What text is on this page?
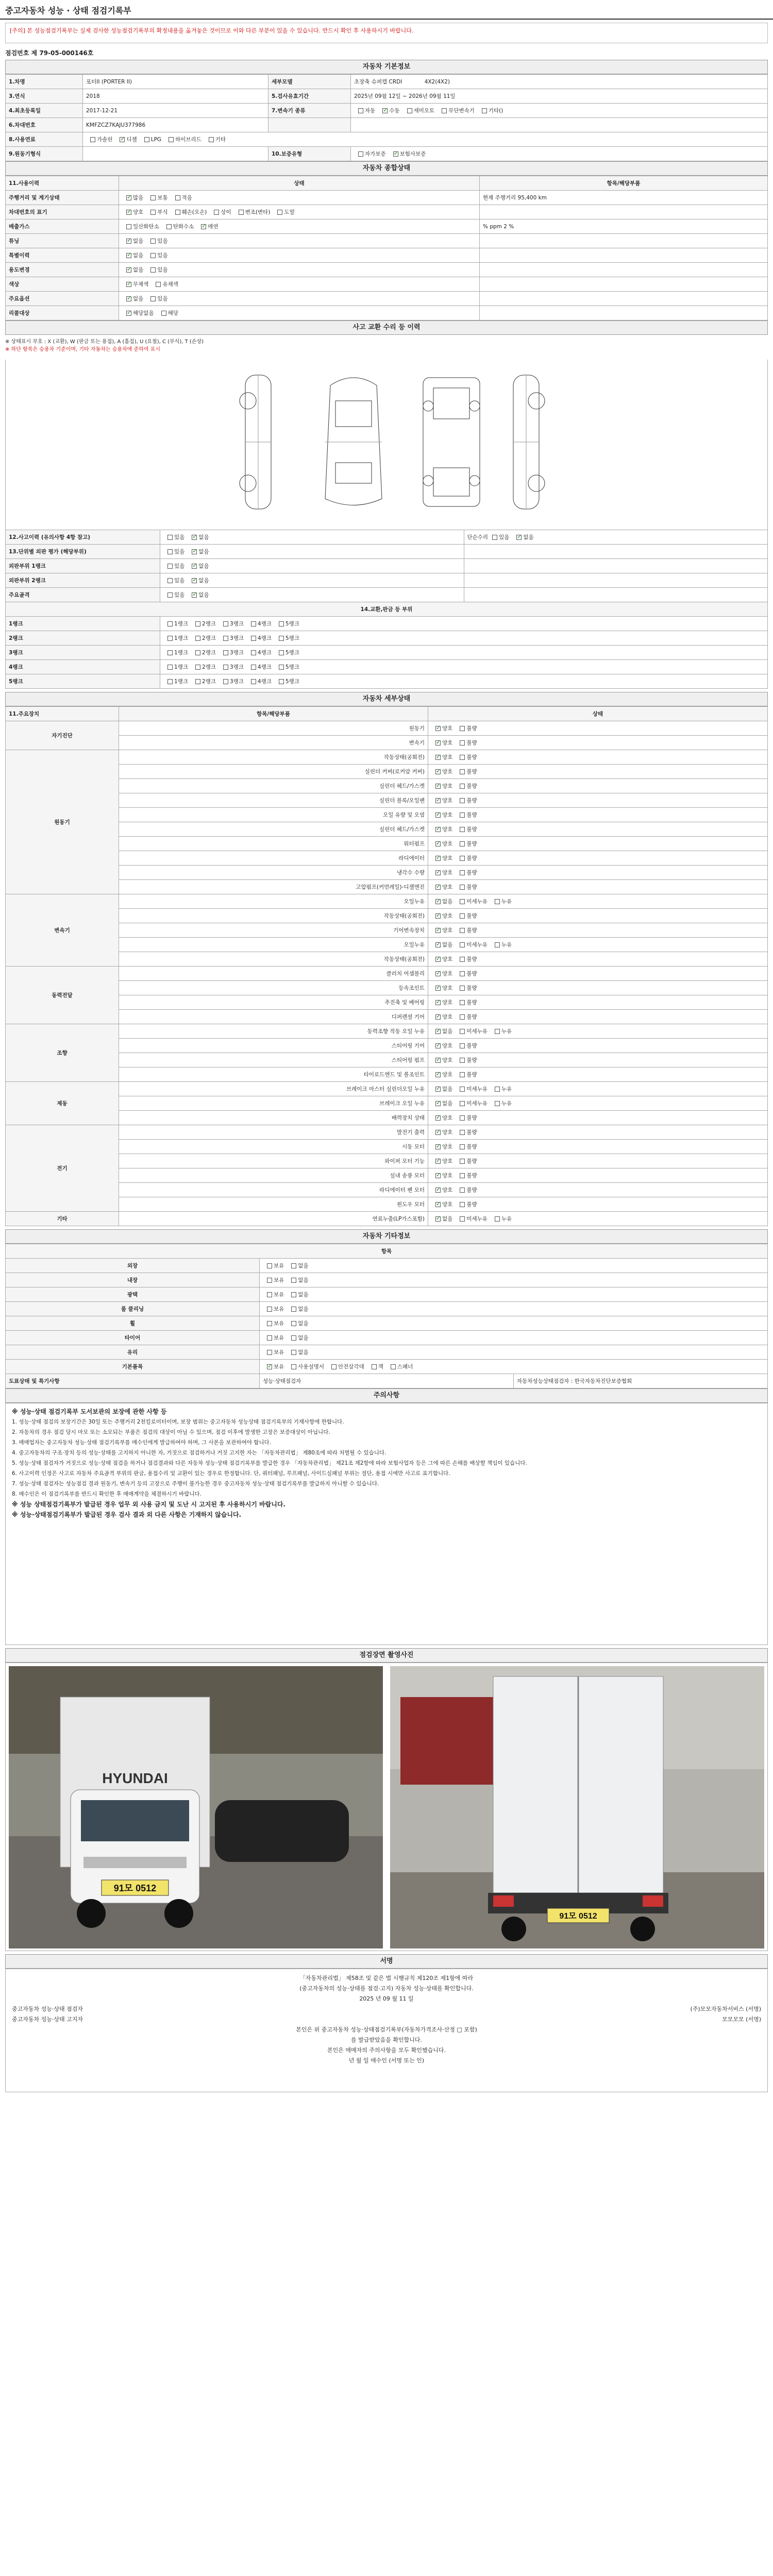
중고자동차 성능 · 상태 점검기록부
[주의] 본 성능점검기록부는 실제 검사한 성능점검기록부의 확정내용을 옮겨놓은 것이므로 이와 다른 부분이 있을 수 있습니다. 반드시 확인 후 사용하시기 바랍니다.
점검번호 제 79-05-000146호
자동차 기본정보
1.차명	포터II (PORTER II)	세부모델	초장축 슈퍼캡 CRDI 4X2(4X2)
3.연식	2018	5.검사유효기간	2025년 09월 12일 ~ 2026년 09월 11일
4.최초등록일	2017-12-21	7.변속기 종류	자동 ✓ 수동 세미오토 무단변속기 기타()
6.차대번호	KMFZCZ7KAJU377986		
8.사용연료	가솔린 ✓ 디젤 LPG 하이브리드 기타
9.원동기형식		10.보증유형	자가보증 ✓ 보험사보증
자동차 종합상태
11.사용이력	상태	항목/해당부품
주행거리 및 계기상태	✓많음 보통 적음	현재 주행거리 95,400 km
차대번호의 표기	✓양호 부식 훼손(오손) 상이 변조(변타) 도말	
배출가스	일산화탄소 탄화수소 ✓ 매연	% ppm 2 %
튜닝	✓없음 있음	
특별이력	✓없음 있음	
용도변경	✓없음 있음	
색상	✓무채색 유채색	
주요옵션	✓없음 있음	
리콜대상	✓해당없음 해당	
사고 교환 수리 등 이력
※ 상태표시 부호 : X (교환), W (판금 또는 용접), A (흠집), U (요철), C (부식), T (손상)
※ 하단 항목은 승용차 기준이며, 기타 자동차는 승용차에 준하여 표시
12.사고이력 (유의사항 4항 참고)	있음 ✓ 없음	단순수리 있음 ✓ 없음
13.단위별 외판 평가 (해당부위)	있음 ✓ 없음	
외판부위 1랭크	있음 ✓ 없음	
외판부위 2랭크	있음 ✓ 없음	
주요골격	있음 ✓ 없음	
14.교환,판금 등 부위		
1랭크	1랭크 2랭크 3랭크 4랭크 5랭크	
2랭크	1랭크 2랭크 3랭크 4랭크 5랭크	
3랭크	1랭크 2랭크 3랭크 4랭크 5랭크	
4랭크	1랭크 2랭크 3랭크 4랭크 5랭크	
5랭크	1랭크 2랭크 3랭크 4랭크 5랭크	
자동차 세부상태
11.주요장치	항목/해당부품	상태
자기진단	원동기	✓양호 불량
	변속기	✓양호 불량
원동기	작동상태(공회전)	✓양호 불량
	실린더 커버(로커암 커버)	✓양호 불량
	실린더 헤드/가스켓	✓양호 불량
	실린더 블록/오일팬	✓양호 불량
	오일 유량 및 오염	✓양호 불량
	실린더 헤드/가스켓	✓양호 불량
	워터펌프	✓양호 불량
	라디에이터	✓양호 불량
	냉각수 수량	✓양호 불량
	고압펌프(커먼레일)-디젤엔진	✓양호 불량
변속기	오일누유	✓없음 미세누유 누유
	작동상태(공회전)	✓양호 불량
	기어변속장치	✓양호 불량
	오일누유	✓없음 미세누유 누유
	작동상태(공회전)	✓양호 불량
동력전달	클러치 어셈블리	✓양호 불량
	등속조인트	✓양호 불량
	추진축 및 베어링	✓양호 불량
	디퍼렌셜 기어	✓양호 불량
조향	동력조향 작동 오일 누유	✓없음 미세누유 누유
	스티어링 기어	✓양호 불량
	스티어링 펌프	✓양호 불량
	타이로드엔드 및 볼조인트	✓양호 불량
제동	브레이크 마스터 실린더오일 누유	✓없음 미세누유 누유
	브레이크 오일 누유	✓없음 미세누유 누유
	배력장치 상태	✓양호 불량
전기	발전기 출력	✓양호 불량
	시동 모터	✓양호 불량
	와이퍼 모터 기능	✓양호 불량
	실내 송풍 모터	✓양호 불량
	라디에이터 팬 모터	✓양호 불량
	윈도우 모터	✓양호 불량
기타	연료누출(LP가스포함)	✓없음 미세누유 누유
자동차 기타정보
항목		
외장	보유 없음	
내장	보유 없음	
광택	보유 없음	
룸 클리닝	보유 없음	
휠	보유 없음	
타이어	보유 없음	
유리	보유 없음	
기본품목	✓보유 사용설명서 안전삼각대 잭 스패너
도표상태 및 특기사항	성능·상태점검자	자동차성능상태점검자 : 한국자동차진단보증협회
주의사항

※ 성능·상태 점검기록부 도서보관의 보장에 관한 사항 등

1. 성능·상태 점검의 보장기간은 30일 또는 주행거리 2천킬로미터이며, 보장 범위는 중고자동차 성능상태 점검기록부의 기재사항에 한합니다.

2. 자동차의 경우 점검 당시 마모 또는 소모되는 부품은 점검의 대상이 아닐 수 있으며, 점검 이후에 발생한 고장은 보증대상이 아닙니다.

3. 매매업자는 중고자동차 성능·상태 점검기록부를 매수인에게 발급하여야 하며, 그 사본을 보관하여야 합니다.

4. 중고자동차의 구조·장치 등의 성능·상태를 고지하지 아니한 자, 거짓으로 점검하거나 거짓 고지한 자는 「자동차관리법」 제80조에 따라 처벌될 수 있습니다.

5. 성능·상태 점검자가 거짓으로 성능·상태 점검을 하거나 점검결과와 다른 자동차 성능·상태 점검기록부를 발급한 경우 「자동차관리법」 제21조 제2항에 따라 보험사업자 등은 그에 따른 손해를 배상할 책임이 있습니다.

6. 사고이력 인정은 사고로 자동차 주요골격 부위의 판금, 용접수리 및 교환이 있는 경우로 한정합니다. 단, 쿼터패널, 루프패널, 사이드실패널 부위는 절단, 용접 시에만 사고로 표기합니다.

7. 성능·상태 점검자는 성능점검 결과 원동기, 변속기 등의 고장으로 주행이 불가능한 경우 중고자동차 성능·상태 점검기록부를 발급하지 아니할 수 있습니다.

8. 매수인은 이 점검기록부를 반드시 확인한 후 매매계약을 체결하시기 바랍니다.

※ 성능 상태점검기록부가 발급된 경우 업무 외 사용 금지 및 도난 시 고지된 후 사용하시기 바랍니다.

※ 성능·상태점검기록부가 발급된 경우 검사 결과 외 다른 사항은 기재하지 않습니다.

점검장면 촬영사진
HYUNDAI
91모 0512
91모 0512
서명
「자동차관리법」 제58조 및 같은 법 시행규칙 제120조 제1항에 따라
(중고자동차의 성능·상태를 점검·고지) 자동차 성능·상태를 확인합니다.
2025 년 09 월 11 일
중고자동차 성능·상태 점검자	(주)모모자동차서비스 (서명)
중고자동차 성능·상태 고지자	모모모모 (서명)
본인은 위 중고자동차 성능·상태점검기록부(자동차가격조사·산정 □ 포함)
를 발급받았음을 확인합니다.
본인은 매매자의 주의사항을 모두 확인했습니다.
년 월 일 매수인 (서명 또는 인)
